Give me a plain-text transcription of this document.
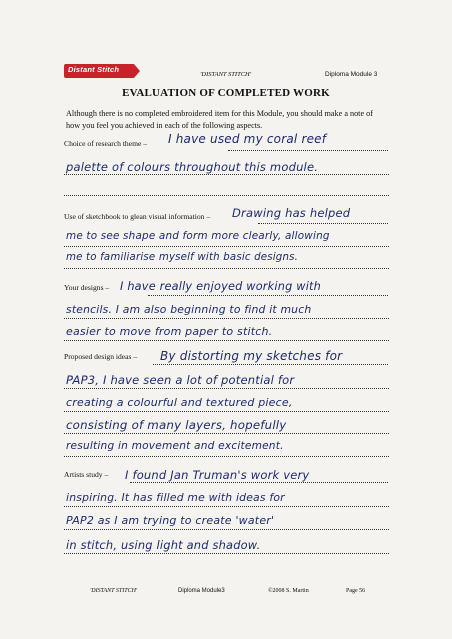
Distant Stitch
'DISTANT STITCH'	Diploma Module 3
EVALUATION OF COMPLETED WORK
Although there is no completed embroidered item for this Module, you should make a note of how you feel you achieved in each of the following aspects.
Choice of research theme – I have used my coral reef
palette of colours throughout this module.
Use of sketchbook to glean visual information – Drawing has helped
me to see shape and form more clearly, allowing
me to familiarise myself with basic designs.
Your designs – I have really enjoyed working with
stencils. I am also beginning to find it much
easier to move from paper to stitch.
Proposed design ideas – By distorting my sketches for
PAP3, I have seen a lot of potential for
creating a colourful and textured piece,
consisting of many layers, hopefully
resulting in movement and excitement.
Artists study – I found Jan Truman's work very
inspiring. It has filled me with ideas for
PAP2 as I am trying to create 'water'
in stitch, using light and shadow.
'DISTANT STITCH'	Diploma Module3	©2008 S. Martin	Page 56
